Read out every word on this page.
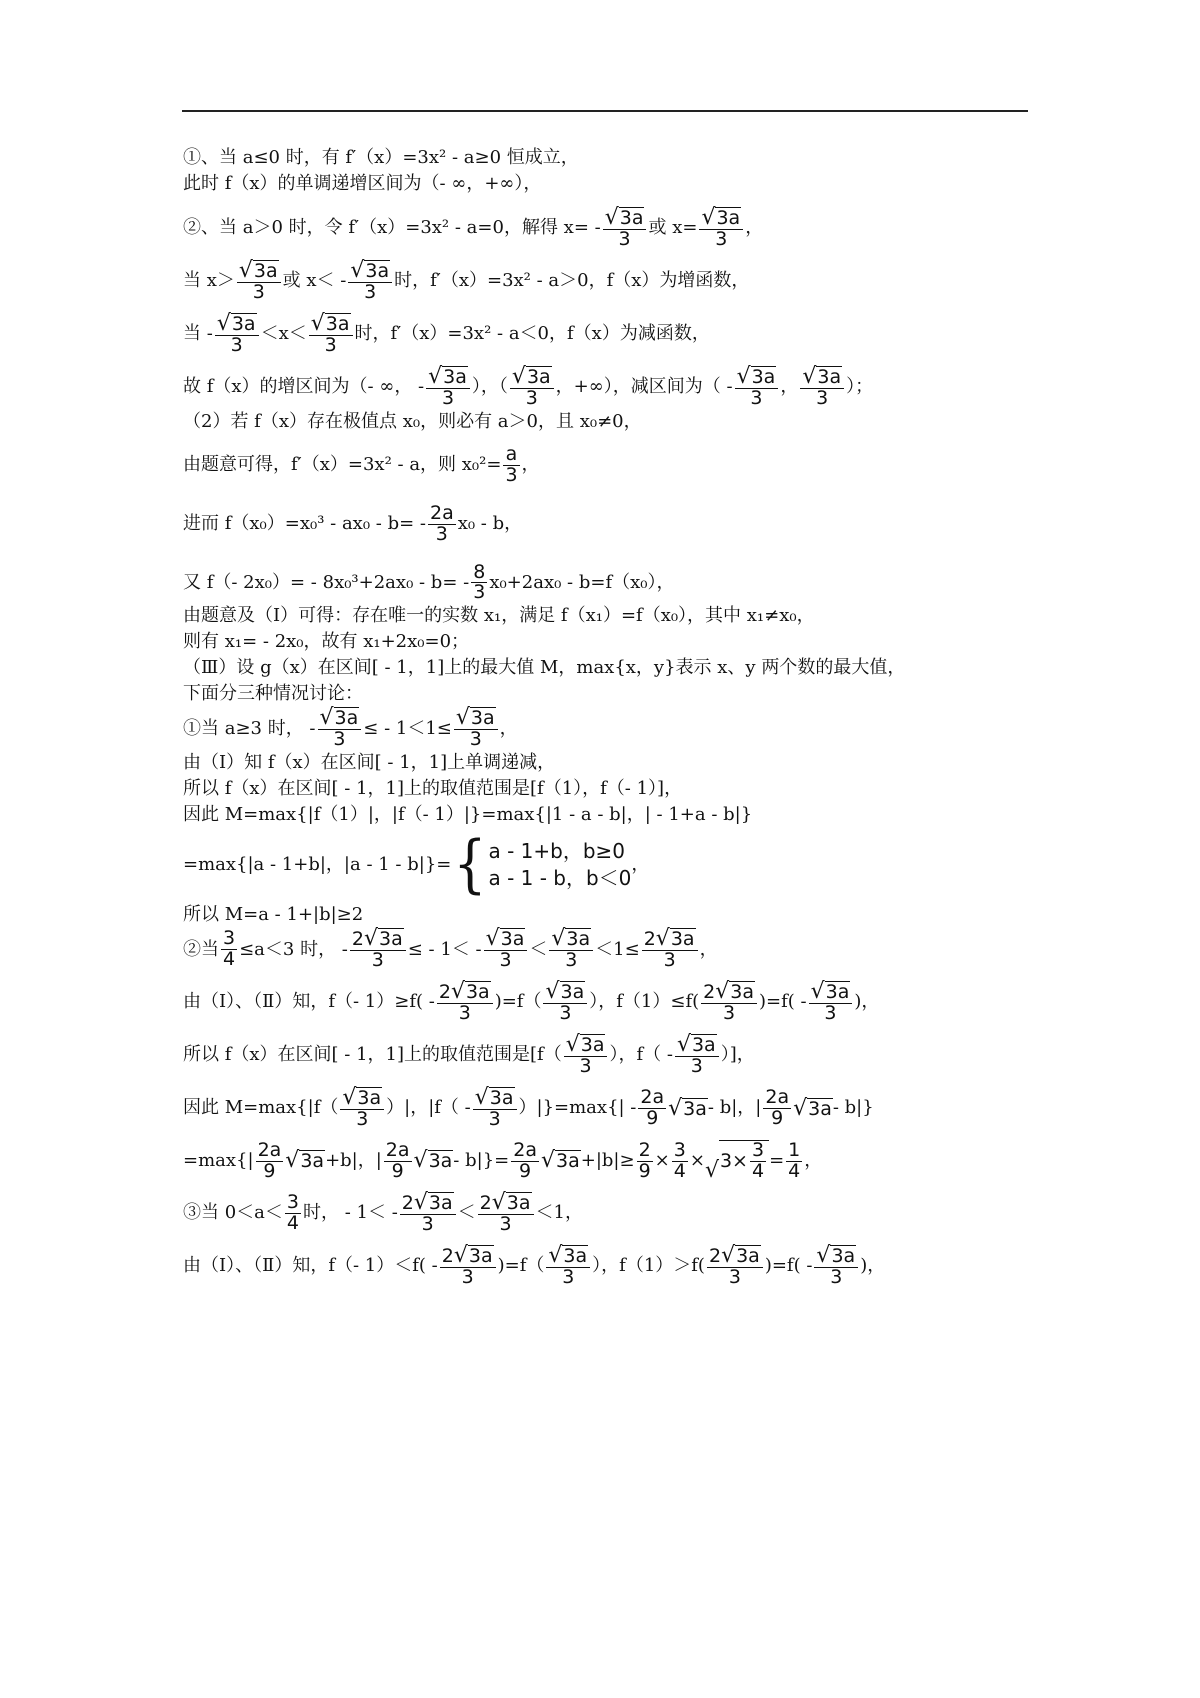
①、当 a≤0 时，有 f′（x）=3x² - a≥0 恒成立，
此时 f（x）的单调递增区间为（- ∞，+∞），
②、当 a＞0 时，令 f′（x）=3x² - a=0，解得 $x= - \frac{√ 3a}{3}$ 或 $x= \frac{√ 3a}{3}$ ，
当 $x> \frac{√ 3a}{3}$ 或 $x< - \frac{√ 3a}{3}$ 时，f′（x）=3x² - a＞0，f（x）为增函数，
当 - $\frac{√ 3a}{3} <x< \frac{√ 3a}{3}$ 时，f′（x）=3x² - a＜0，f（x）为减函数，
故 f（x）的增区间为（- ∞， - $\frac{√ 3a}{3}$ ），（ $\frac{√ 3a}{3}$ ，+∞），减区间为（ - $\frac{√ 3a}{3}$ ， $\frac{√ 3a}{3}$ ）；
（2）若 f（x）存在极值点 x₀，则必有 a＞0，且 x₀≠0，
由题意可得，f′（x）=3x² - a，则 $x_0^2= \frac{a}{3}$ ，
进而 $f(x_0)=x_0^3 - ax_0 - b= - \frac{2a}{3} x_0 - b$，
又 f（- $2x_0)= - 8x_0^3+2ax_0 - b= - \frac{8}{3} x_0+2ax_0 - b=f(x_0)$，
由题意及（Ⅰ）可得：存在唯一的实数 x₁，满足 f（x₁）=f（x₀），其中 x₁≠x₀，
则有 x₁= - 2x₀，故有 x₁+2x₀=0；
（Ⅲ）设 g（x）在区间[ - 1，1]上的最大值 M，max{x，y}表示 x、y 两个数的最大值，
下面分三种情况讨论：
①当 a≥3 时， - $\frac{√ 3a}{3}$ ≤ - $1<1\le \frac{√ 3a}{3}$ ，
由（I）知 f（x）在区间[ - 1，1]上单调递减，
所以 f（x）在区间[ - 1，1]上的取值范围是[f（1），f（- 1）]，
因此 M=max{|f（1）|，|f（- 1）|}=max{|1 - a - b|，| - 1+a - b|}
=max{|a - 1+b|，|a - 1 - b|}= { a - 1+b，b≥0
a - 1 - b，b＜0
，
所以 M=a - 1+|b|≥2
②当 $\frac{3}{4} \le a<3$ 时， - $\frac{2 √ 3a}{3}$ ≤ - $1< - \frac{√ 3a}{3} < \frac{√ 3a}{3} <1\le \frac{2 √ 3a}{3}$ ，
由（Ⅰ）、（Ⅱ）知，f（- $1)\ge f( - \frac{2 √ 3a}{3} )=f( \frac{√ 3a}{3}$ ），$f(1)\le f( \frac{2 √ 3a}{3} )=f( - \frac{√ 3a}{3}$ )，
所以 f（x）在区间[ - 1，1]上的取值范围是[$f( \frac{√ 3a}{3}$ ），$f( - \frac{√ 3a}{3}$ ）]，
因此 $M=\max\{|f( \frac{√ 3a}{3}$ ）|，$|f( - \frac{√ 3a}{3} )|\}=\max\{| - \frac{2a}{9}$ √ 3a - b|，| $\frac{2a}{9}$ √ 3a - b|}
$=\max\{| \frac{2a}{9}$ √ 3a +b|，| $\frac{2a}{9}$ √ $3a - b|\}= \frac{2a}{9}$ √ $3a +|b|\ge \frac{2}{9} \times \frac{3}{4}$ × √ $3\times \frac{3}{4} = \frac{1}{4}$ ，
③当 $0<a< \frac{3}{4}$ 时， - $1< - \frac{2 √ 3a}{3} < \frac{2 √ 3a}{3} <1$，
由（Ⅰ）、（Ⅱ）知，f（- $1)<f( - \frac{2 √ 3a}{3} )=f( \frac{√ 3a}{3}$ ），$f(1)>f( \frac{2 √ 3a}{3} )=f( - \frac{√ 3a}{3}$ )，
